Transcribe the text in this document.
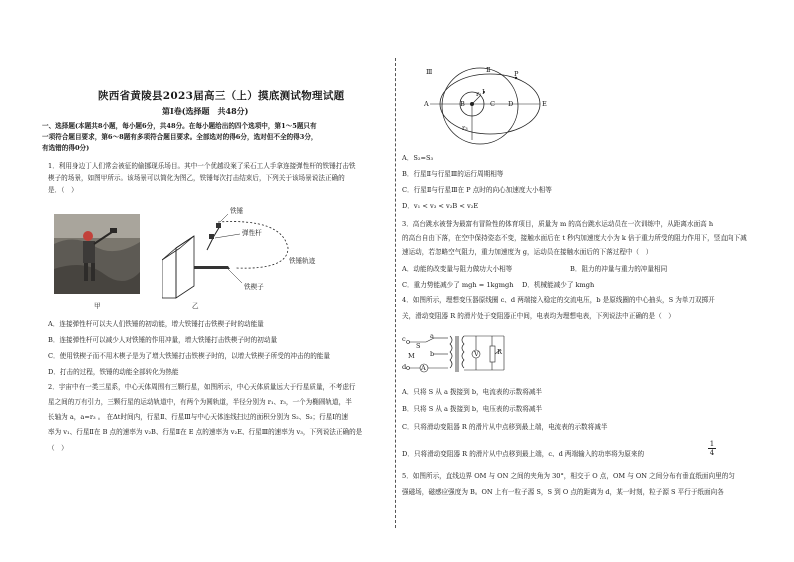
陕西省黄陵县2023届高三（上）摸底测试物理试题
第Ⅰ卷(选择题　共48分)
一、选择题(本题共8小题，每小题6分，共48分。在每小题给出的四个选项中，第1～5题只有
一项符合题目要求，第6～8题有多项符合题目要求。全部选对的得6分，选对但不全的得3分，
有选错的得0分)
1．利用身边丁人们常会被征的偷挪现乐场目。其中一个优越设案了采石工人手拿连接弹性杆的铁锤打击铁
楔子的场景，如图甲所示。该场景可以简化为图乙，铁锤每次打击结束后，下列关于该场景说法正确的
是．（　）
甲
铁锤
弹性杆
铁锤轨迹
铁楔子
乙
A．连接弹性杆可以夫人们铁锤的初动能，增大铁锤打击铁楔子时的动能量
B．连接弹性杆可以减少人对铁锤的作用冲量，增大铁锤打击铁楔子时的初动量
C．使用铁楔子而不用木楔子是为了增大铁锤打击铁楔子时的，以增大铁楔子所受的冲击的的能量
D．打击的过程，铁锤的动能全部转化为热能
2．宇宙中有一类三星系，中心天体周围有三颗行星，如图所示，中心天体质量远大于行星质量，不考虑行
星之间的万有引力，三颗行星的运动轨道中，有两个为圆轨道，半径分别为 r₁、r₃，一个为椭圆轨道，半
长轴为 a，a=r₃ 。 在Δt时间内，行星Ⅱ、行星Ⅲ与中心天体连线扫过的面积分别为 S₂、S₃；行星Ⅰ的速
率为 v₁、行星Ⅱ在 B 点的速率为 v₂B、行星Ⅱ在 E 点的速率为 v₂E、行星Ⅲ的速率为 v₃，下列说法正确的是
（　）
Ⅲ	Ⅱ
Ⅰ
P
A	B	C D	E
r₁
r₃
A．S₂=S₃
B．行星Ⅱ与行星Ⅲ的运行周期相等
C．行星Ⅱ与行星Ⅲ在 P 点时的向心加速度大小相等
D．v₁ < v₃ < v₂B < v₂E
3．高台跳水被誉为最富有冒险性的体育项目，质量为 m 的高台跳水运动员在一次训练中，从距离水面高 h
的高台自由下落，在空中保持姿态不变，接触水面后在 t 秒内加速度大小为 k 倍于重力所受的阻力作用下，竖直向下减
速运动，若忽略空气阻力，重力加速度为 g，运动员在接触水面后的下落过程中（　）
A．动能的改变量与阻力做功大小相等	B．阻力的冲量与重力的冲量相同
C．重力势能减少了 mgh = 1kgmgh D．机械能减少了 kmgh
4．如图所示，理想变压器原线圈 c、d 两端接入稳定的交流电压，b 是原线圈的中心抽头，S 为单刀双掷开
关，滑动变阻器 R 的滑片处于变阻器正中间，电表均为理想电表，下列说法中正确的是（　）
c
d
a
b
S
M
A
V	R
A．只将 S 从 a 拨接到 b，电流表的示数将减半
B．只将 S 从 a 拨接到 b，电压表的示数将减半
C．只将滑动变阻器 R 的滑片从中点移到最上端，电流表的示数将减半
D．只将滑动变阻器 R 的滑片从中点移到最上端，c、d 两端输入的功率将为原来的	$\frac{1}{4}$
5．如图所示，直线边界 OM 与 ON 之间的夹角为 30°，相交于 O 点，OM 与 ON 之间分布有垂直纸面向里的匀
强磁场，磁感应强度为 B。ON 上有一粒子源 S，S 到 O 点的距离为 d，某一时刻，粒子源 S 平行于纸面向各
